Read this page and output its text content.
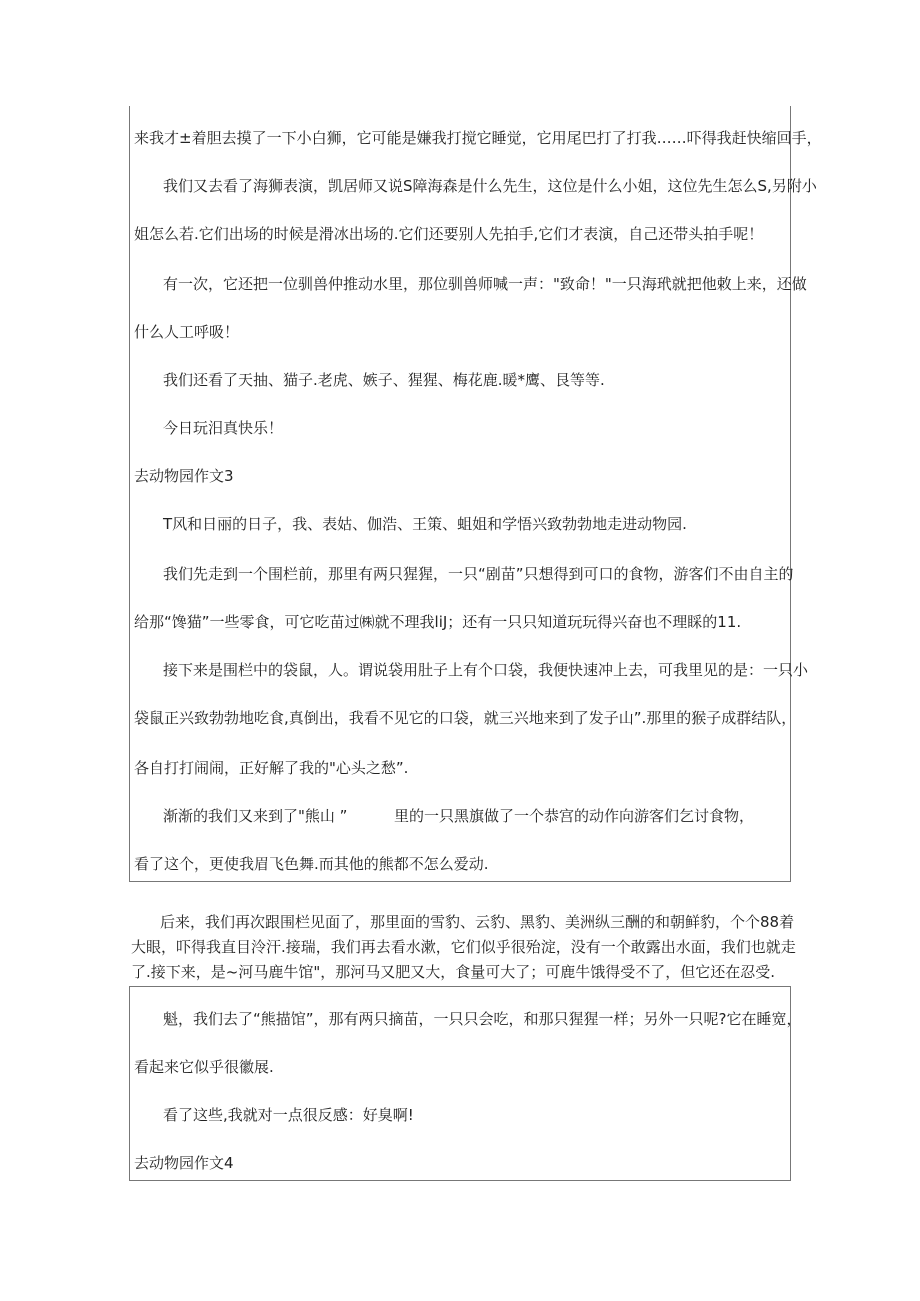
来我才±着胆去摸了一下小白狮，它可能是嫌我打搅它睡觉，它用尾巴打了打我……吓得我赶快缩回手，
我们又去看了海狮表演，凯居师又说S障海森是什么先生，这位是什么小姐，这位先生怎么S,另附小
姐怎么若.它们出场的时候是滑冰出场的.它们还要别人先拍手,它们才表演，自己还带头拍手呢！
有一次，它还把一位驯兽仲推动水里，那位驯兽师喊一声："致命！"一只海玳就把他敕上来，还做
什么人工呼吸！
我们还看了天抽、猫子.老虎、嫉子、猩猩、梅花鹿.暖*鹰、艮等等.
今日玩汨真快乐！
去动物园作文3
T风和日丽的日子，我、表姑、伽浩、王策、蛆姐和学悟兴致勃勃地走进动物园.
我们先走到一个围栏前，那里有两只猩猩，一只“剧苗”只想得到可口的食物，游客们不由自主的
给那“馋猫”一些零食，可它吃苗过㈱就不理我liJ；还有一只只知道玩玩得兴奋也不理睬的11.
接下来是围栏中的袋鼠，人。谓说袋用肚子上有个口袋，我便快速冲上去，可我里见的是：一只小
袋鼠正兴致勃勃地吃食,真倒出，我看不见它的口袋，就三兴地来到了发子山”.那里的猴子成群结队，
各自打打闹闹，正好解了我的"心头之愁”.
渐渐的我们又来到了"熊山 ”	里的一只黑旗做了一个恭宫的动作向游客们乞讨食物，
看了这个，更使我眉飞色舞.而其他的熊都不怎么爱动.
后来，我们再次跟围栏见面了，那里面的雪豹、云豹、黑豹、美洲纵三酬的和朝鲜豹，个个88着
大眼，吓得我直目泠汗.接瑞，我们再去看水漱，它们似乎很殆淀，没有一个敢露出水面，我们也就走
了.接下来，是~河马鹿牛馆"，那河马又肥又大，食量可大了；可鹿牛饿得受不了，但它还在忍受.
魁，我们去了“熊描馆”，那有两只摘苗，一只只会吃，和那只猩猩一样；另外一只呢?它在睡宽，
看起来它似乎很徽展.
看了这些,我就对一点很反感：好臭啊!
去动物园作文4
